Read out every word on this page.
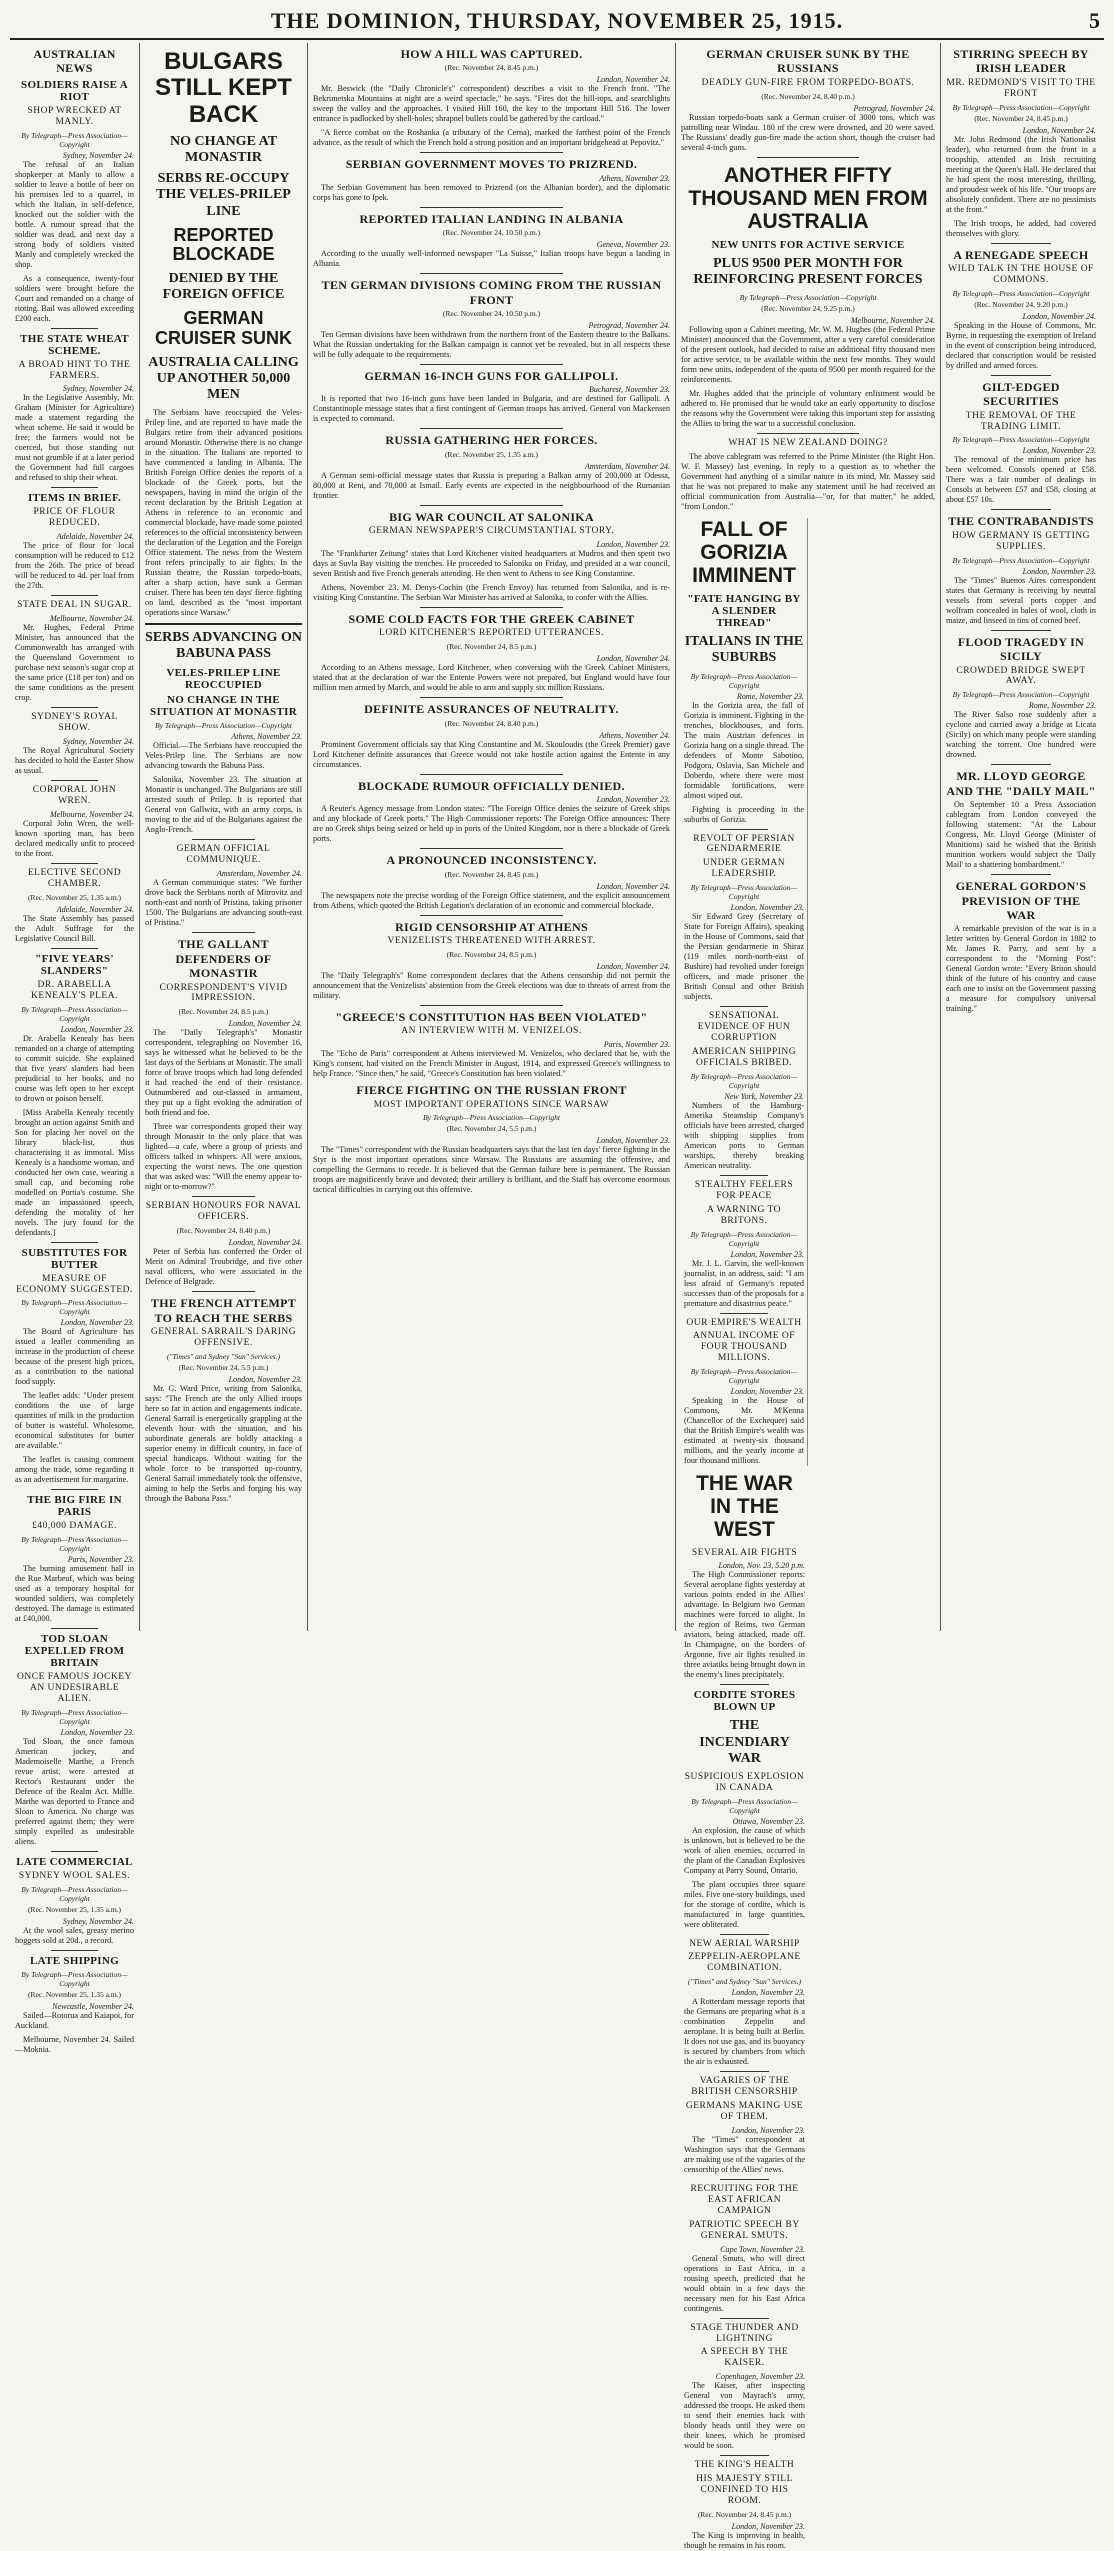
THE DOMINION, THURSDAY, NOVEMBER 25, 1915.	5
AUSTRALIAN NEWS
SOLDIERS RAISE A RIOT
SHOP WRECKED AT MANLY.
By Telegraph—Press Association—Copyright
Sydney, November 24.

The refusal of an Italian shopkeeper at Manly to allow a soldier to leave a bottle of beer on his premises led to a quarrel, in which the Italian, in self-defence, knocked out the soldier with the bottle. A rumour spread that the soldier was dead, and next day a strong body of soldiers visited Manly and completely wrecked the shop.

As a consequence, twenty-four soldiers were brought before the Court and remanded on a charge of rioting. Bail was allowed exceeding £200 each.

THE STATE WHEAT SCHEME.
A BROAD HINT TO THE FARMERS.
Sydney, November 24.

In the Legislative Assembly, Mr. Graham (Minister for Agriculture) made a statement regarding the wheat scheme. He said it would be free; the farmers would not be coerced, but those standing out must not grumble if at a later period the Government had full cargoes and refused to ship their wheat.

ITEMS IN BRIEF.
PRICE OF FLOUR REDUCED.
Adelaide, November 24.

The price of flour for local consumption will be reduced to £12 from the 26th. The price of bread will be reduced to 4d. per loaf from the 27th.

STATE DEAL IN SUGAR.
Melbourne, November 24.

Mr. Hughes, Federal Prime Minister, has announced that the Commonwealth has arranged with the Queensland Government to purchase next season's sugar crop at the same price (£18 per ton) and on the same conditions as the present crop.

SYDNEY'S ROYAL SHOW.
Sydney, November 24.

The Royal Agricultural Society has decided to hold the Easter Show as usual.

CORPORAL JOHN WREN.
Melbourne, November 24.

Corporal John Wren, the well-known sporting man, has been declared medically unfit to proceed to the front.

ELECTIVE SECOND CHAMBER.
(Rec. November 25, 1.35 a.m.)
Adelaide, November 24.

The State Assembly has passed the Adult Suffrage for the Legislative Council Bill.

"FIVE YEARS' SLANDERS"
DR. ARABELLA KENEALY'S PLEA.
By Telegraph—Press Association—Copyright
London, November 23.

Dr. Arabella Kenealy has been remanded on a charge of attempting to commit suicide. She explained that five years' slanders had been prejudicial to her books, and no course was left open to her except to drown or poison herself.

[Miss Arabella Kenealy recently brought an action against Smith and Son for placing her novel on the library black-list, thus characterising it as immoral. Miss Kenealy is a handsome woman, and conducted her own case, wearing a small cap, and becoming robe modelled on Portia's costume. She made an impassioned speech, defending the morality of her novels. The jury found for the defendants.]

SUBSTITUTES FOR BUTTER
MEASURE OF ECONOMY SUGGESTED.
By Telegraph—Press Association—Copyright
London, November 23.

The Board of Agriculture has issued a leaflet commending an increase in the production of cheese because of the present high prices, as a contribution to the national food supply.

The leaflet adds: "Under present conditions the use of large quantities of milk in the production of butter is wasteful. Wholesome, economical substitutes for butter are available."

The leaflet is causing comment among the trade, some regarding it as an advertisement for margarine.

THE BIG FIRE IN PARIS
£40,000 DAMAGE.
By Telegraph—Press Association—Copyright
Paris, November 23.

The burning amusement hall in the Rue Marbeuf, which was being used as a temporary hospital for wounded soldiers, was completely destroyed. The damage is estimated at £40,000.

TOD SLOAN EXPELLED FROM BRITAIN
ONCE FAMOUS JOCKEY AN UNDESIRABLE ALIEN.
By Telegraph—Press Association—Copyright
London, November 23.

Tod Sloan, the once famous American jockey, and Mademoiselle Marthe, a French revue artist, were arrested at Rector's Restaurant under the Defence of the Realm Act. Mdlle. Marthe was deported to France and Sloan to America. No charge was preferred against them; they were simply expelled as undesirable aliens.

LATE COMMERCIAL
SYDNEY WOOL SALES.
By Telegraph—Press Association—Copyright
(Rec. November 25, 1.35 a.m.)
Sydney, November 24.

At the wool sales, greasy merino hoggets sold at 20d., a record.

LATE SHIPPING
By Telegraph—Press Association—Copyright
(Rec. November 25, 1.35 a.m.)
Newcastle, November 24.

Sailed—Rotorua and Kaiapoi, for Auckland.

Melbourne, November 24. Sailed—Moknia.

BULGARS STILL KEPT BACK
NO CHANGE AT MONASTIR
SERBS RE-OCCUPY THE VELES-PRILEP LINE
REPORTED BLOCKADE
DENIED BY THE FOREIGN OFFICE
GERMAN CRUISER SUNK
AUSTRALIA CALLING UP ANOTHER 50,000 MEN

The Serbians have reoccupied the Veles-Prilep line, and are reported to have made the Bulgars retire from their advanced positions around Monastir. Otherwise there is no change in the situation. The Italians are reported to have commenced a landing in Albania. The British Foreign Office denies the reports of a blockade of the Greek ports, but the newspapers, having in mind the origin of the recent declaration by the British Legation at Athens in reference to an economic and commercial blockade, have made some pointed references to the official inconsistency between the declaration of the Legation and the Foreign Office statement. The news from the Western front refers principally to air fights. In the Russian theatre, the Russian torpedo-boats, after a sharp action, have sunk a German cruiser. There has been ten days' fierce fighting on land, described as the "most important operations since Warsaw."

SERBS ADVANCING ON BABUNA PASS
VELES-PRILEP LINE REOCCUPIED
NO CHANGE IN THE SITUATION AT MONASTIR
By Telegraph—Press Association—Copyright
Athens, November 23.

Official.—The Serbians have reoccupied the Veles-Prilep line. The Serbians are now advancing towards the Babuna Pass.

Salonika, November 23. The situation at Monastir is unchanged. The Bulgarians are still arrested south of Prilep. It is reported that General von Gallwitz, with an army corps, is moving to the aid of the Bulgarians against the Anglo-French.

GERMAN OFFICIAL COMMUNIQUE.
Amsterdam, November 24.

A German communique states: "We further drove back the Serbians north of Mitrovitz and north-east and north of Pristina, taking prisoner 1500. The Bulgarians are advancing south-east of Pristina."

THE GALLANT DEFENDERS OF MONASTIR
CORRESPONDENT'S VIVID IMPRESSION.
(Rec. November 24, 8.5 p.m.)
London, November 24.

The "Daily Telegraph's" Monastir correspondent, telegraphing on November 16, says he witnessed what he believed to be the last days of the Serbians at Monastir. The small force of brave troops which had long defended it had reached the end of their resistance. Outnumbered and out-classed in armament, they put up a fight evoking the admiration of both friend and foe.

Three war correspondents groped their way through Monastir to the only place that was lighted—a cafe, where a group of priests and officers talked in whispers. All were anxious, expecting the worst news. The one question that was asked was: "Will the enemy appear to-night or to-morrow?"

SERBIAN HONOURS FOR NAVAL OFFICERS.
(Rec. November 24, 8.40 p.m.)
London, November 24.

Peter of Serbia has conferred the Order of Merit on Admiral Troubridge, and five other naval officers, who were associated in the Defence of Belgrade.

THE FRENCH ATTEMPT TO REACH THE SERBS
GENERAL SARRAIL'S DARING OFFENSIVE.
("Times" and Sydney "Sun" Services.)
(Rec. November 24, 5.5 p.m.)
London, November 23.

Mr. G. Ward Price, writing from Salonika, says: "The French are the only Allied troops here so far in action and engagements indicate. General Sarrail is energetically grappling at the eleventh hour with the situation, and his subordinate generals are boldly attacking a superior enemy in difficult country, in face of special handicaps. Without waiting for the whole force to be transported up-country, General Sarrail immediately took the offensive, aiming to help the Serbs and forging his way through the Babuna Pass."

HOW A HILL WAS CAPTURED.
(Rec. November 24, 8.45 p.m.)
London, November 24.

Mr. Beswick (the "Daily Chronicle's" correspondent) describes a visit to the French front. "The Bekrimetska Mountains at night are a weird spectacle," he says. "Fires dot the hill-tops, and searchlights sweep the valley and the approaches. I visited Hill 160, the key to the important Hill 516. The lower entrance is padlocked by shell-holes; shrapnel bullets could be gathered by the cartload."

"A fierce combat on the Roshanka (a tributary of the Cerna), marked the farthest point of the French advance, as the result of which the French hold a strong position and an important bridgehead at Pepovitz."

SERBIAN GOVERNMENT MOVES TO PRIZREND.
Athens, November 23.

The Serbian Government has been removed to Prizrend (on the Albanian border), and the diplomatic corps has gone to Ipek.

REPORTED ITALIAN LANDING IN ALBANIA
(Rec. November 24, 10.50 p.m.)
Geneva, November 23.

According to the usually well-informed newspaper "La Suisse," Italian troops have begun a landing in Albania.

TEN GERMAN DIVISIONS COMING FROM THE RUSSIAN FRONT
(Rec. November 24, 10.50 p.m.)
Petrograd, November 24.

Ten German divisions have been withdrawn from the northern front of the Eastern theatre to the Balkans. What the Russian undertaking for the Balkan campaign is cannot yet be revealed, but in all respects these will be fully adequate to the requirements.

GERMAN 16-INCH GUNS FOR GALLIPOLI.
Bucharest, November 23.

It is reported that two 16-inch guns have been landed in Bulgaria, and are destined for Gallipoli. A Constantinople message states that a first contingent of German troops has arrived. General von Mackensen is expected to command.

RUSSIA GATHERING HER FORCES.
(Rec. November 25, 1.35 a.m.)
Amsterdam, November 24.

A German semi-official message states that Russia is preparing a Balkan army of 200,000 at Odessa, 80,000 at Reni, and 70,000 at Ismail. Early events are expected in the neighbourhood of the Rumanian frontier.

BIG WAR COUNCIL AT SALONIKA
GERMAN NEWSPAPER'S CIRCUMSTANTIAL STORY.
London, November 23.

The "Frankfurter Zeitung" states that Lord Kitchener visited headquarters at Mudros and then spent two days at Suvla Bay visiting the trenches. He proceeded to Salonika on Friday, and presided at a war council, seven British and five French generals attending. He then went to Athens to see King Constantine.

Athens, November 23. M. Denys-Cochin (the French Envoy) has returned from Salonika, and is re-visiting King Constantine. The Serbian War Minister has arrived at Salonika, to confer with the Allies.

SOME COLD FACTS FOR THE GREEK CABINET
LORD KITCHENER'S REPORTED UTTERANCES.
(Rec. November 24, 8.5 p.m.)
London, November 24.

According to an Athens message, Lord Kitchener, when conversing with the Greek Cabinet Ministers, stated that at the declaration of war the Entente Powers were not prepared, but England would have four million men armed by March, and would be able to arm and supply six million Russians.

DEFINITE ASSURANCES OF NEUTRALITY.
(Rec. November 24, 8.40 p.m.)
Athens, November 24.

Prominent Government officials say that King Constantine and M. Skouloudis (the Greek Premier) gave Lord Kitchener definite assurances that Greece would not take hostile action against the Entente in any circumstances.

BLOCKADE RUMOUR OFFICIALLY DENIED.
London, November 23.

A Reuter's Agency message from London states: "The Foreign Office denies the seizure of Greek ships and any blockade of Greek ports." The High Commissioner reports: The Foreign Office announces: There are no Greek ships being seized or held up in ports of the United Kingdom, nor is there a blockade of Greek ports.

A PRONOUNCED INCONSISTENCY.
(Rec. November 24, 8.45 p.m.)
London, November 24.

The newspapers note the precise wording of the Foreign Office statement, and the explicit announcement from Athens, which quoted the British Legation's declaration of an economic and commercial blockade.

RIGID CENSORSHIP AT ATHENS
VENIZELISTS THREATENED WITH ARREST.
(Rec. November 24, 8.5 p.m.)
London, November 24.

The "Daily Telegraph's" Rome correspondent declares that the Athens censorship did not permit the announcement that the Venizelists' abstention from the Greek elections was due to threats of arrest from the military.

"GREECE'S CONSTITUTION HAS BEEN VIOLATED"
AN INTERVIEW WITH M. VENIZELOS.
Paris, November 23.

The "Echo de Paris" correspondent at Athens interviewed M. Venizelos, who declared that he, with the King's consent, had visited on the French Minister in August, 1914, and expressed Greece's willingness to help France. "Since then," he said, "Greece's Constitution has been violated."

FIERCE FIGHTING ON THE RUSSIAN FRONT
MOST IMPORTANT OPERATIONS SINCE WARSAW
By Telegraph—Press Association—Copyright
(Rec. November 24, 5.5 p.m.)
London, November 23.

The "Times" correspondent with the Russian headquarters says that the last ten days' fierce fighting in the Styr is the most important operations since Warsaw. The Russians are assuming the offensive, and compelling the Germans to recede. It is believed that the German failure here is permanent. The Russian troops are magnificently brave and devoted; their artillery is brilliant, and the Staff has overcome enormous tactical difficulties in carrying out this offensive.

GERMAN CRUISER SUNK BY THE RUSSIANS
DEADLY GUN-FIRE FROM TORPEDO-BOATS.
(Rec. November 24, 8.40 p.m.)
Petrograd, November 24.

Russian torpedo-boats sank a German cruiser of 3000 tons, which was patrolling near Windau. 180 of the crew were drowned, and 20 were saved. The Russians' deadly gun-fire made the action short, though the cruiser had several 4-inch guns.

ANOTHER FIFTY THOUSAND MEN FROM AUSTRALIA
NEW UNITS FOR ACTIVE SERVICE
PLUS 9500 PER MONTH FOR REINFORCING PRESENT FORCES
By Telegraph—Press Association—Copyright
(Rec. November 24, 9.25 p.m.)
Melbourne, November 24.

Following upon a Cabinet meeting, Mr. W. M. Hughes (the Federal Prime Minister) announced that the Government, after a very careful consideration of the present outlook, had decided to raise an additional fifty thousand men for active service, to be available within the next few months. They would form new units, independent of the quota of 9500 per month required for the reinforcements.

Mr. Hughes added that the principle of voluntary enlistment would be adhered to. He promised that he would take an early opportunity to disclose the reasons why the Government were taking this important step for assisting the Allies to bring the war to a successful conclusion.

WHAT IS NEW ZEALAND DOING?

The above cablegram was referred to the Prime Minister (the Right Hon. W. F. Massey) last evening. In reply to a question as to whether the Government had anything of a similar nature in its mind, Mr. Massey said that he was not prepared to make any statement until he had received an official communication from Australia—"or, for that matter," he added, "from London."

FALL OF GORIZIA IMMINENT
"FATE HANGING BY A SLENDER THREAD"
ITALIANS IN THE SUBURBS
By Telegraph—Press Association—Copyright
Rome, November 23.

In the Gorizia area, the fall of Gorizia is imminent. Fighting in the trenches, blockhouses, and forts. The main Austrian defences in Gorizia hang on a single thread. The defenders of Monte Sabotino, Podgora, Oslavia, San Michele and Doberdo, where there were most formidable fortifications, were almost wiped out.

Fighting is proceeding in the suburbs of Gorizia.

REVOLT OF PERSIAN GENDARMERIE
UNDER GERMAN LEADERSHIP.
By Telegraph—Press Association—Copyright
London, November 23.

Sir Edward Grey (Secretary of State for Foreign Affairs), speaking in the House of Commons, said that the Persian gendarmerie in Shiraz (119 miles north-north-east of Bushire) had revolted under foreign officers, and made prisoner the British Consul and other British subjects.

SENSATIONAL EVIDENCE OF HUN CORRUPTION
AMERICAN SHIPPING OFFICIALS BRIBED.
By Telegraph—Press Association—Copyright
New York, November 23.

Numbers of the Hamburg-Amerika Steamship Company's officials have been arrested, charged with shipping supplies from American ports to German warships, thereby breaking American neutrality.

STEALTHY FEELERS FOR PEACE
A WARNING TO BRITONS.
By Telegraph—Press Association—Copyright
London, November 23.

Mr. J. L. Garvin, the well-known journalist, in an address, said: "I am less afraid of Germany's reputed successes than of the proposals for a premature and disastrous peace."

OUR EMPIRE'S WEALTH
ANNUAL INCOME OF FOUR THOUSAND MILLIONS.
By Telegraph—Press Association—Copyright
London, November 23.

Speaking in the House of Commons, Mr. M'Kenna (Chancellor of the Exchequer) said that the British Empire's wealth was estimated at twenty-six thousand millions, and the yearly income at four thousand millions.

THE WAR IN THE WEST
SEVERAL AIR FIGHTS
London, Nov. 23, 5.20 p.m.

The High Commissioner reports: Several aeroplane fights yesterday at various points ended in the Allies' advantage. In Belgium two German machines were forced to alight. In the region of Reims, two German aviators, being attacked, made off. In Champagne, on the borders of Argonne, five air fights resulted in three aviatiks being brought down in the enemy's lines precipitately.

CORDITE STORES BLOWN UP
THE INCENDIARY WAR
SUSPICIOUS EXPLOSION IN CANADA
By Telegraph—Press Association—Copyright
Ottawa, November 23.

An explosion, the cause of which is unknown, but is believed to be the work of alien enemies, occurred in the plant of the Canadian Explosives Company at Parry Sound, Ontario.

The plant occupies three square miles. Five one-story buildings, used for the storage of cordite, which is manufactured in large quantities, were obliterated.

NEW AERIAL WARSHIP
ZEPPELIN-AEROPLANE COMBINATION.
("Times" and Sydney "Sun" Services.)
London, November 23.

A Rotterdam message reports that the Germans are preparing what is a combination Zeppelin and aeroplane. It is being built at Berlin. It does not use gas, and its buoyancy is secured by chambers from which the air is exhausted.

VAGARIES OF THE BRITISH CENSORSHIP
GERMANS MAKING USE OF THEM.
London, November 23.

The "Times" correspondent at Washington says that the Germans are making use of the vagaries of the censorship of the Allies' news.

RECRUITING FOR THE EAST AFRICAN CAMPAIGN
PATRIOTIC SPEECH BY GENERAL SMUTS.
Cape Town, November 23.

General Smuts, who will direct operations in East Africa, in a rousing speech, predicted that he would obtain in a few days the necessary men for his East Africa contingents.

STAGE THUNDER AND LIGHTNING
A SPEECH BY THE KAISER.
Copenhagen, November 23.

The Kaiser, after inspecting General von Mayrach's army, addressed the troops. He asked them to send their enemies back with bloody heads until they were on their knees, which he promised would be soon.

THE KING'S HEALTH
HIS MAJESTY STILL CONFINED TO HIS ROOM.
(Rec. November 24, 8.45 p.m.)
London, November 23.

The King is improving in health, though he remains in his room.

STIRRING SPEECH BY IRISH LEADER
MR. REDMOND'S VISIT TO THE FRONT
By Telegraph—Press Association—Copyright
(Rec. November 24, 8.45 p.m.)
London, November 24.

Mr. John Redmond (the Irish Nationalist leader), who returned from the front in a troopship, attended an Irish recruiting meeting at the Queen's Hall. He declared that he had spent the most interesting, thrilling, and proudest week of his life. "Our troops are absolutely confident. There are no pessimists at the front."

The Irish troops, he added, had covered themselves with glory.

A RENEGADE SPEECH
WILD TALK IN THE HOUSE OF COMMONS.
By Telegraph—Press Association—Copyright
(Rec. November 24, 9.20 p.m.)
London, November 24.

Speaking in the House of Commons, Mr. Byrne, in requesting the exemption of Ireland in the event of conscription being introduced, declared that conscription would be resisted by drilled and armed forces.

GILT-EDGED SECURITIES
THE REMOVAL OF THE TRADING LIMIT.
By Telegraph—Press Association—Copyright
London, November 23.

The removal of the minimum price has been welcomed. Consols opened at £58. There was a fair number of dealings in Consols at between £57 and £58, closing at about £57 10s.

THE CONTRABANDISTS
HOW GERMANY IS GETTING SUPPLIES.
By Telegraph—Press Association—Copyright
London, November 23.

The "Times" Buenos Aires correspondent states that Germany is receiving by neutral vessels from several ports copper and wolfram concealed in bales of wool, cloth in maize, and linseed in tins of corned beef.

FLOOD TRAGEDY IN SICILY
CROWDED BRIDGE SWEPT AWAY.
By Telegraph—Press Association—Copyright
Rome, November 23.

The River Salso rose suddenly after a cyclone and carried away a bridge at Licata (Sicily) on which many people were standing watching the torrent. One hundred were drowned.

MR. LLOYD GEORGE AND THE "DAILY MAIL"

On September 10 a Press Association cablegram from London conveyed the following statement: "At the Labour Congress, Mr. Lloyd George (Minister of Munitions) said he wished that the British munition workers would subject the 'Daily Mail' to a shattering bombardment."

GENERAL GORDON'S PREVISION OF THE WAR

A remarkable prevision of the war is in a letter written by General Gordon in 1882 to Mr. James R. Parry, and sent by a correspondent to the "Morning Post": General Gordon wrote: "Every Briton should think of the future of his country and cause each one to insist on the Government passing a measure for compulsory universal training."
